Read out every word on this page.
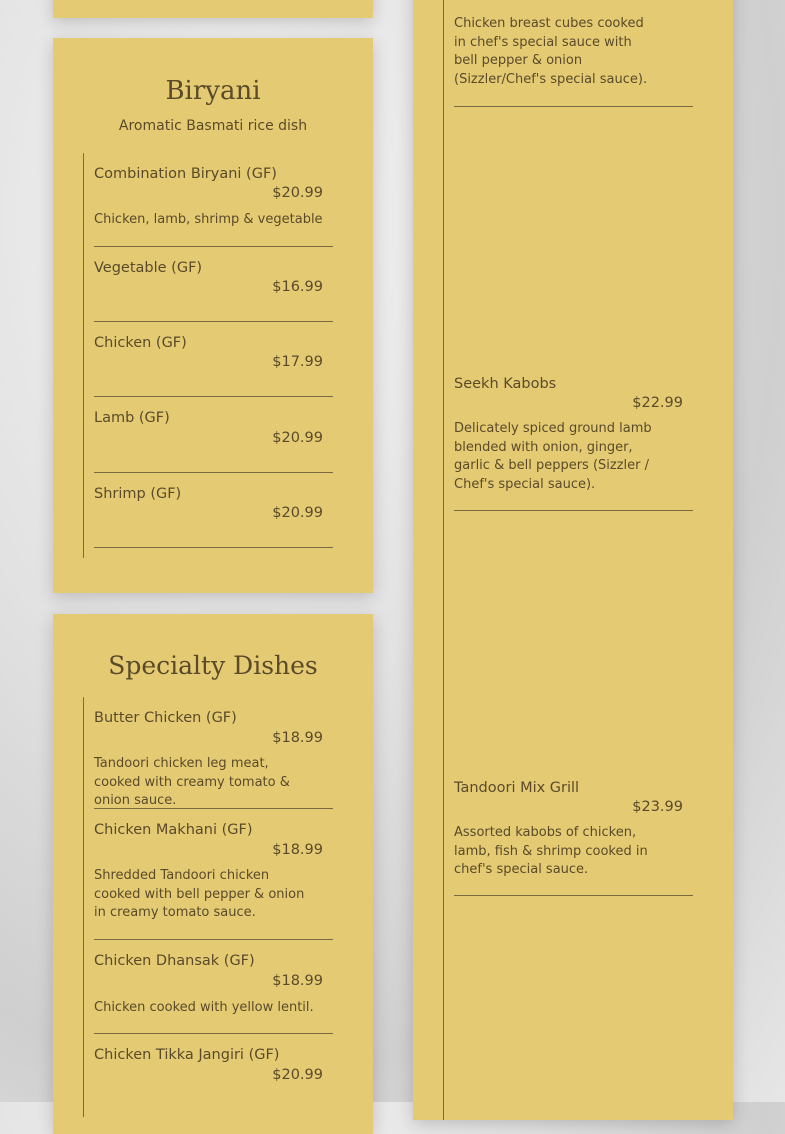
Biryani
Aromatic Basmati rice dish
Combination Biryani (GF)
$20.99
Chicken, lamb, shrimp & vegetable
Vegetable (GF)
$16.99
Chicken (GF)
$17.99
Lamb (GF)
$20.99
Shrimp (GF)
$20.99
Specialty Dishes
Butter Chicken (GF)
$18.99
Tandoori chicken leg meat, cooked with creamy tomato & onion sauce.
Chicken Makhani (GF)
$18.99
Shredded Tandoori chicken cooked with bell pepper & onion in creamy tomato sauce.
Chicken Dhansak (GF)
$18.99
Chicken cooked with yellow lentil.
Chicken Tikka Jangiri (GF)
$20.99
Chicken breast cubes cooked in chef's special sauce with bell pepper & onion (Sizzler/Chef's special sauce).
Seekh Kabobs
$22.99
Delicately spiced ground lamb blended with onion, ginger, garlic & bell peppers (Sizzler / Chef's special sauce).
Tandoori Mix Grill
$23.99
Assorted kabobs of chicken, lamb, fish & shrimp cooked in chef's special sauce.
